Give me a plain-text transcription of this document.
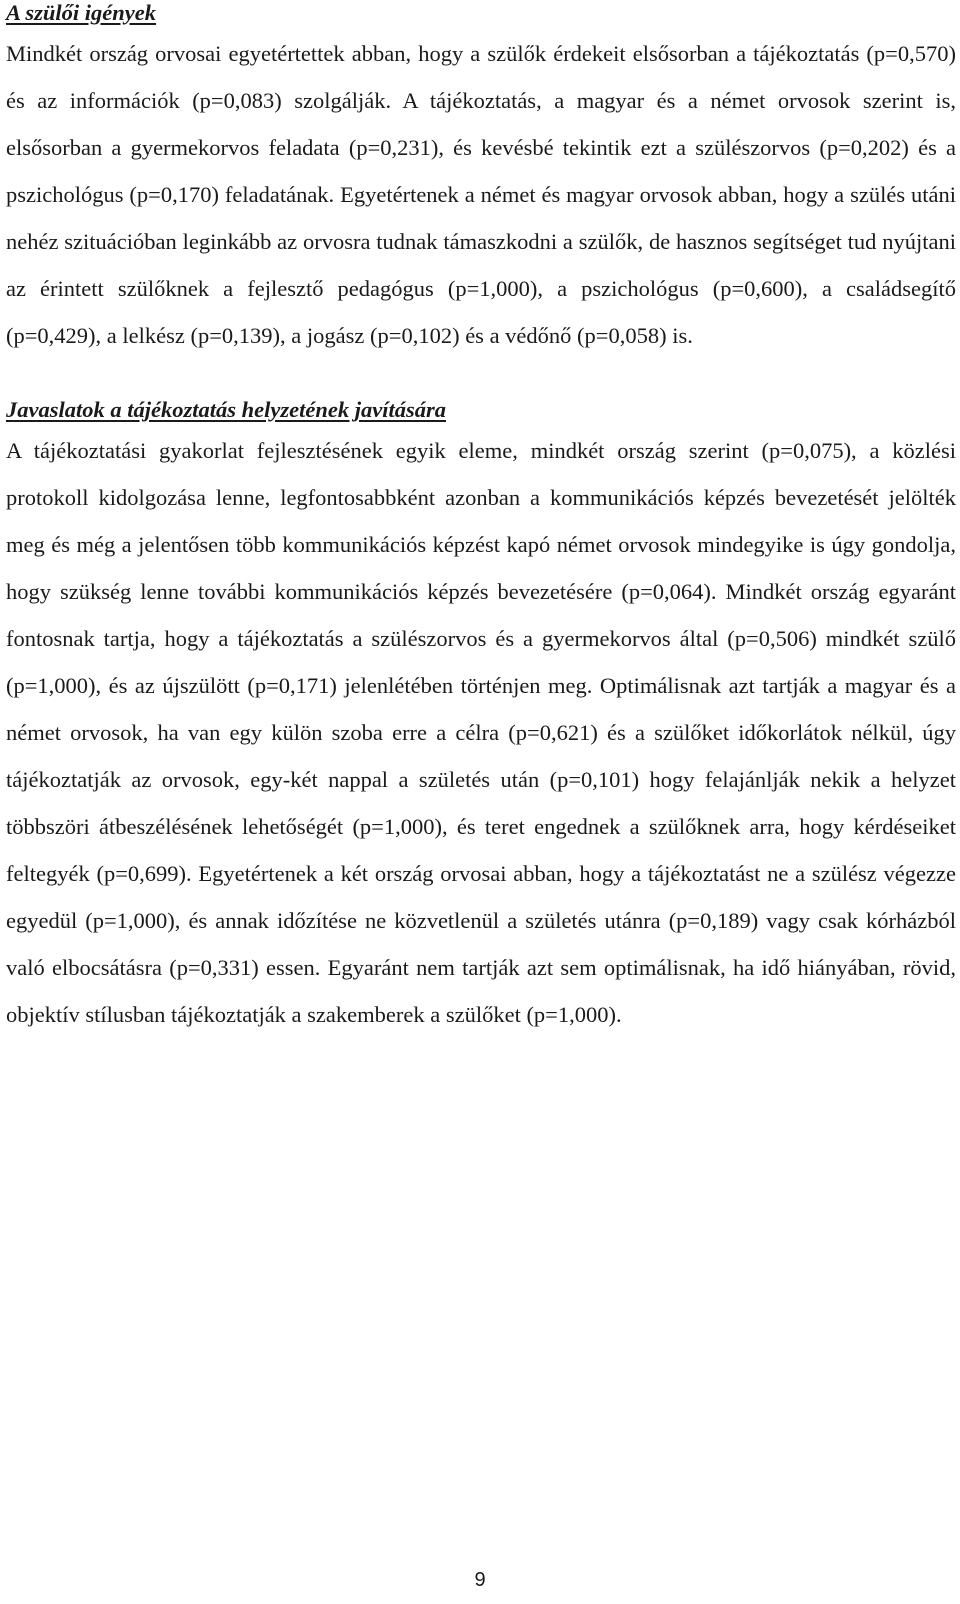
A szülői igények

Mindkét ország orvosai egyetértettek abban, hogy a szülők érdekeit elsősorban a tájékoztatás (p=0,570) és az információk (p=0,083) szolgálják. A tájékoztatás, a magyar és a német orvosok szerint is, elsősorban a gyermekorvos feladata (p=0,231), és kevésbé tekintik ezt a szülészorvos (p=0,202) és a pszichológus (p=0,170) feladatának. Egyetértenek a német és magyar orvosok abban, hogy a szülés utáni nehéz szituációban leginkább az orvosra tudnak támaszkodni a szülők, de hasznos segítséget tud nyújtani az érintett szülőknek a fejlesztő pedagógus (p=1,000), a pszichológus (p=0,600), a családsegítő (p=0,429), a lelkész (p=0,139), a jogász (p=0,102) és a védőnő (p=0,058) is.

Javaslatok a tájékoztatás helyzetének javítására

A tájékoztatási gyakorlat fejlesztésének egyik eleme, mindkét ország szerint (p=0,075), a közlési protokoll kidolgozása lenne, legfontosabbként azonban a kommunikációs képzés bevezetését jelölték meg és még a jelentősen több kommunikációs képzést kapó német orvosok mindegyike is úgy gondolja, hogy szükség lenne további kommunikációs képzés bevezetésére (p=0,064). Mindkét ország egyaránt fontosnak tartja, hogy a tájékoztatás a szülészorvos és a gyermekorvos által (p=0,506) mindkét szülő (p=1,000), és az újszülött (p=0,171) jelenlétében történjen meg. Optimálisnak azt tartják a magyar és a német orvosok, ha van egy külön szoba erre a célra (p=0,621) és a szülőket időkorlátok nélkül, úgy tájékoztatják az orvosok, egy-két nappal a születés után (p=0,101) hogy felajánlják nekik a helyzet többszöri átbeszélésének lehetőségét (p=1,000), és teret engednek a szülőknek arra, hogy kérdéseiket feltegyék (p=0,699). Egyetértenek a két ország orvosai abban, hogy a tájékoztatást ne a szülész végezze egyedül (p=1,000), és annak időzítése ne közvetlenül a születés utánra (p=0,189) vagy csak kórházból való elbocsátásra (p=0,331) essen. Egyaránt nem tartják azt sem optimálisnak, ha idő hiányában, rövid, objektív stílusban tájékoztatják a szakemberek a szülőket (p=1,000).

9
